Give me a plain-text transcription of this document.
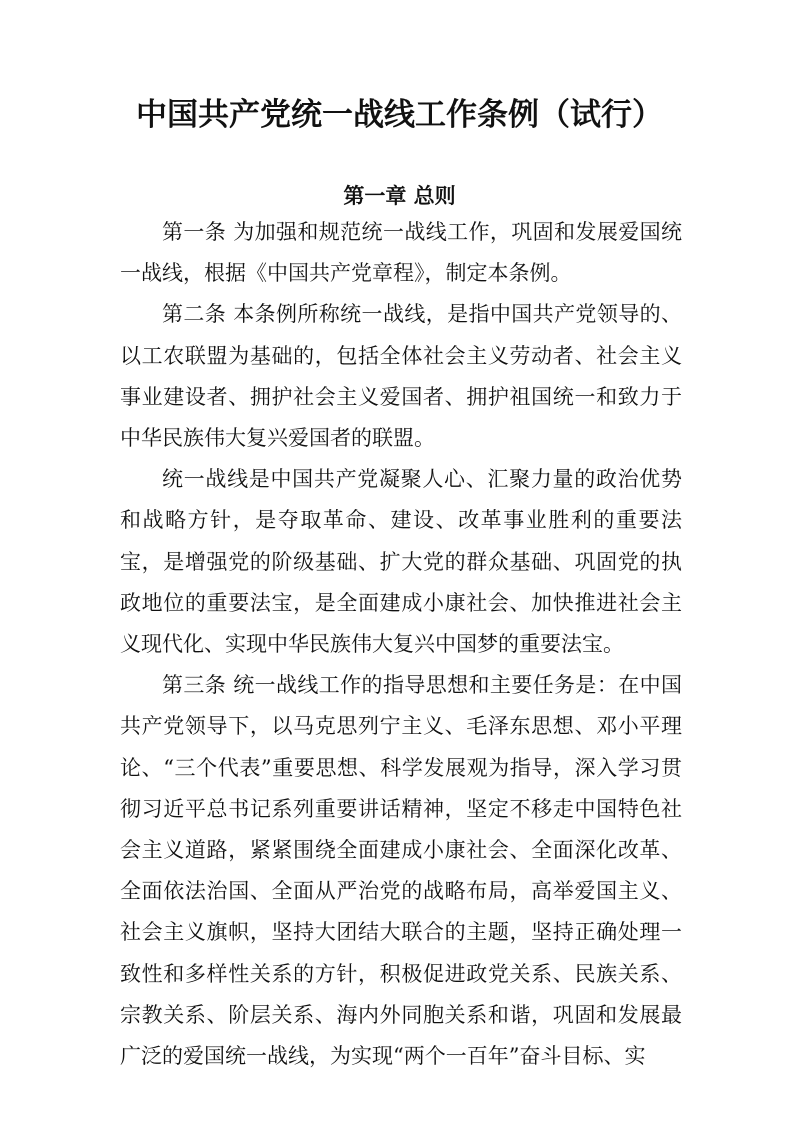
中国共产党统一战线工作条例（试行）
第一章 总则

第一条 为加强和规范统一战线工作，巩固和发展爱国统一战线，根据《中国共产党章程》，制定本条例。

第二条 本条例所称统一战线，是指中国共产党领导的、以工农联盟为基础的，包括全体社会主义劳动者、社会主义事业建设者、拥护社会主义爱国者、拥护祖国统一和致力于中华民族伟大复兴爱国者的联盟。

统一战线是中国共产党凝聚人心、汇聚力量的政治优势和战略方针，是夺取革命、建设、改革事业胜利的重要法宝，是增强党的阶级基础、扩大党的群众基础、巩固党的执政地位的重要法宝，是全面建成小康社会、加快推进社会主义现代化、实现中华民族伟大复兴中国梦的重要法宝。

第三条 统一战线工作的指导思想和主要任务是：在中国共产党领导下，以马克思列宁主义、毛泽东思想、邓小平理论、“三个代表”重要思想、科学发展观为指导，深入学习贯彻习近平总书记系列重要讲话精神，坚定不移走中国特色社会主义道路，紧紧围绕全面建成小康社会、全面深化改革、全面依法治国、全面从严治党的战略布局，高举爱国主义、社会主义旗帜，坚持大团结大联合的主题，坚持正确处理一致性和多样性关系的方针，积极促进政党关系、民族关系、宗教关系、阶层关系、海内外同胞关系和谐，巩固和发展最广泛的爱国统一战线，为实现“两个一百年”奋斗目标、实
